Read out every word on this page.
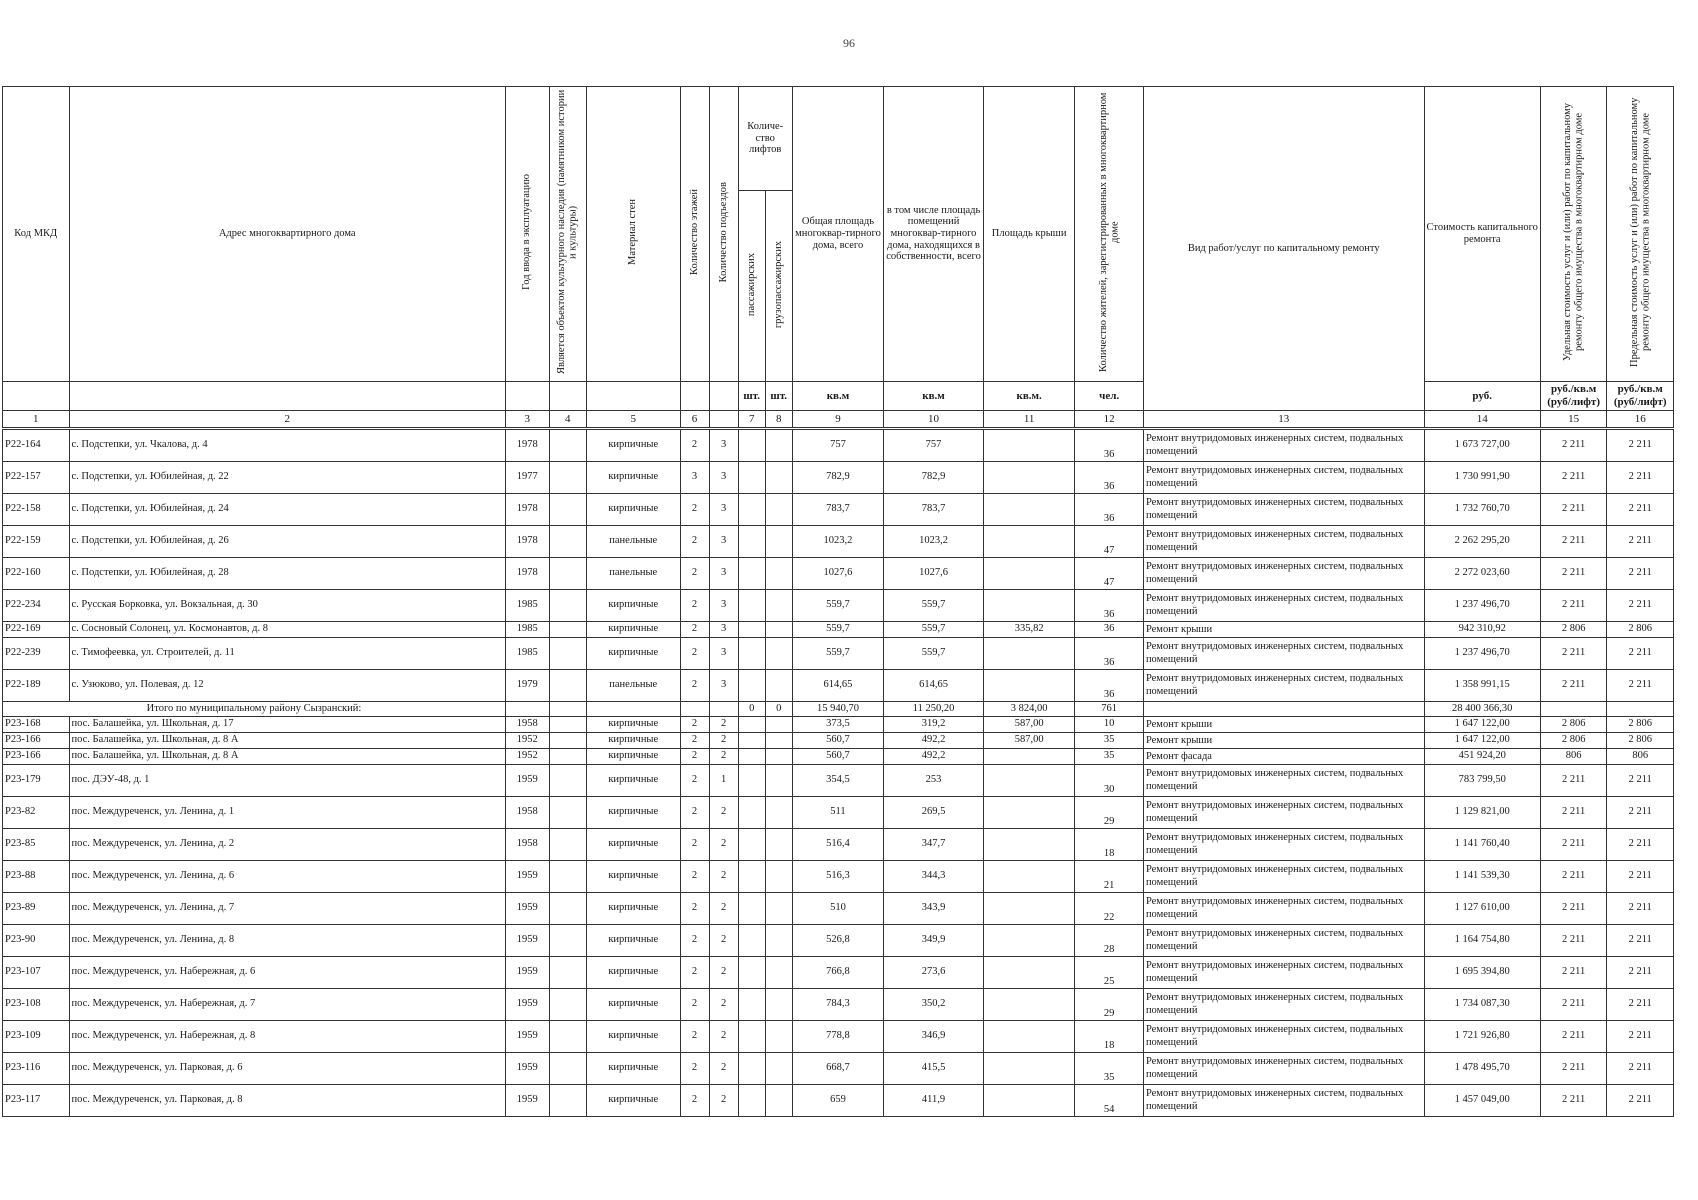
96
Код МКД	Адрес многоквартирного дома	Год ввода в эксплуатацию	Является объектом культурного наследия (памятником истории и культуры)	Материал стен	Количество этажей	Количество подъездов	Количе-ство лифтов		Общая площадь многоквар-тирного дома, всего	в том числе площадь помещений многоквар-тирного дома, находящихся в собственности, всего	Площадь крыши	Количество жителей, зарегистрированных в многоквартирном доме	Вид работ/услуг по капитальному ремонту	Стоимость капитального ремонта	Удельная стоимость услуг и (или) работ по капитальному ремонту общего имущества в многоквартирном доме	Предельная стоимость услуг и (или) работ по капитальному ремонту общего имущества в многоквартирном доме
							пассажирских	грузопассажирских								
							шт.	шт.	кв.м	кв.м	кв.м.	чел.		руб.	руб./кв.м (руб/лифт)	руб./кв.м (руб/лифт)
1	2	3	4	5	6		7	8	9	10	11	12	13	14	15	16
Р22-164	с. Подстепки, ул. Чкалова, д. 4	1978		кирпичные	2	3			757	757		36	Ремонт внутридомовых инженерных систем, подвальных помещений	1 673 727,00	2 211	2 211
Р22-157	с. Подстепки, ул. Юбилейная, д. 22	1977		кирпичные	3	3			782,9	782,9		36	Ремонт внутридомовых инженерных систем, подвальных помещений	1 730 991,90	2 211	2 211
Р22-158	с. Подстепки, ул. Юбилейная, д. 24	1978		кирпичные	2	3			783,7	783,7		36	Ремонт внутридомовых инженерных систем, подвальных помещений	1 732 760,70	2 211	2 211
Р22-159	с. Подстепки, ул. Юбилейная, д. 26	1978		панельные	2	3			1023,2	1023,2		47	Ремонт внутридомовых инженерных систем, подвальных помещений	2 262 295,20	2 211	2 211
Р22-160	с. Подстепки, ул. Юбилейная, д. 28	1978		панельные	2	3			1027,6	1027,6		47	Ремонт внутридомовых инженерных систем, подвальных помещений	2 272 023,60	2 211	2 211
Р22-234	с. Русская Борковка, ул. Вокзальная, д. 30	1985		кирпичные	2	3			559,7	559,7		36	Ремонт внутридомовых инженерных систем, подвальных помещений	1 237 496,70	2 211	2 211
Р22-169	с. Сосновый Солонец, ул. Космонавтов, д. 8	1985		кирпичные	2	3			559,7	559,7	335,82	36	Ремонт крыши	942 310,92	2 806	2 806
Р22-239	с. Тимофеевка, ул. Строителей, д. 11	1985		кирпичные	2	3			559,7	559,7		36	Ремонт внутридомовых инженерных систем, подвальных помещений	1 237 496,70	2 211	2 211
Р22-189	с. Узюково, ул. Полевая, д. 12	1979		панельные	2	3			614,65	614,65		36	Ремонт внутридомовых инженерных систем, подвальных помещений	1 358 991,15	2 211	2 211
Итого по муниципальному району Сызранский:							0	0	15 940,70	11 250,20	3 824,00	761		28 400 366,30		
Р23-168	пос. Балашейка, ул. Школьная, д. 17	1958		кирпичные	2	2			373,5	319,2	587,00	10	Ремонт крыши	1 647 122,00	2 806	2 806
Р23-166	пос. Балашейка, ул. Школьная, д. 8 А	1952		кирпичные	2	2			560,7	492,2	587,00	35	Ремонт крыши	1 647 122,00	2 806	2 806
Р23-166	пос. Балашейка, ул. Школьная, д. 8 А	1952		кирпичные	2	2			560,7	492,2		35	Ремонт фасада	451 924,20	806	806
Р23-179	пос. ДЭУ-48, д. 1	1959		кирпичные	2	1			354,5	253		30	Ремонт внутридомовых инженерных систем, подвальных помещений	783 799,50	2 211	2 211
Р23-82	пос. Междуреченск, ул. Ленина, д. 1	1958		кирпичные	2	2			511	269,5		29	Ремонт внутридомовых инженерных систем, подвальных помещений	1 129 821,00	2 211	2 211
Р23-85	пос. Междуреченск, ул. Ленина, д. 2	1958		кирпичные	2	2			516,4	347,7		18	Ремонт внутридомовых инженерных систем, подвальных помещений	1 141 760,40	2 211	2 211
Р23-88	пос. Междуреченск, ул. Ленина, д. 6	1959		кирпичные	2	2			516,3	344,3		21	Ремонт внутридомовых инженерных систем, подвальных помещений	1 141 539,30	2 211	2 211
Р23-89	пос. Междуреченск, ул. Ленина, д. 7	1959		кирпичные	2	2			510	343,9		22	Ремонт внутридомовых инженерных систем, подвальных помещений	1 127 610,00	2 211	2 211
Р23-90	пос. Междуреченск, ул. Ленина, д. 8	1959		кирпичные	2	2			526,8	349,9		28	Ремонт внутридомовых инженерных систем, подвальных помещений	1 164 754,80	2 211	2 211
Р23-107	пос. Междуреченск, ул. Набережная, д. 6	1959		кирпичные	2	2			766,8	273,6		25	Ремонт внутридомовых инженерных систем, подвальных помещений	1 695 394,80	2 211	2 211
Р23-108	пос. Междуреченск, ул. Набережная, д. 7	1959		кирпичные	2	2			784,3	350,2		29	Ремонт внутридомовых инженерных систем, подвальных помещений	1 734 087,30	2 211	2 211
Р23-109	пос. Междуреченск, ул. Набережная, д. 8	1959		кирпичные	2	2			778,8	346,9		18	Ремонт внутридомовых инженерных систем, подвальных помещений	1 721 926,80	2 211	2 211
Р23-116	пос. Междуреченск, ул. Парковая, д. 6	1959		кирпичные	2	2			668,7	415,5		35	Ремонт внутридомовых инженерных систем, подвальных помещений	1 478 495,70	2 211	2 211
Р23-117	пос. Междуреченск, ул. Парковая, д. 8	1959		кирпичные	2	2			659	411,9		54	Ремонт внутридомовых инженерных систем, подвальных помещений	1 457 049,00	2 211	2 211
